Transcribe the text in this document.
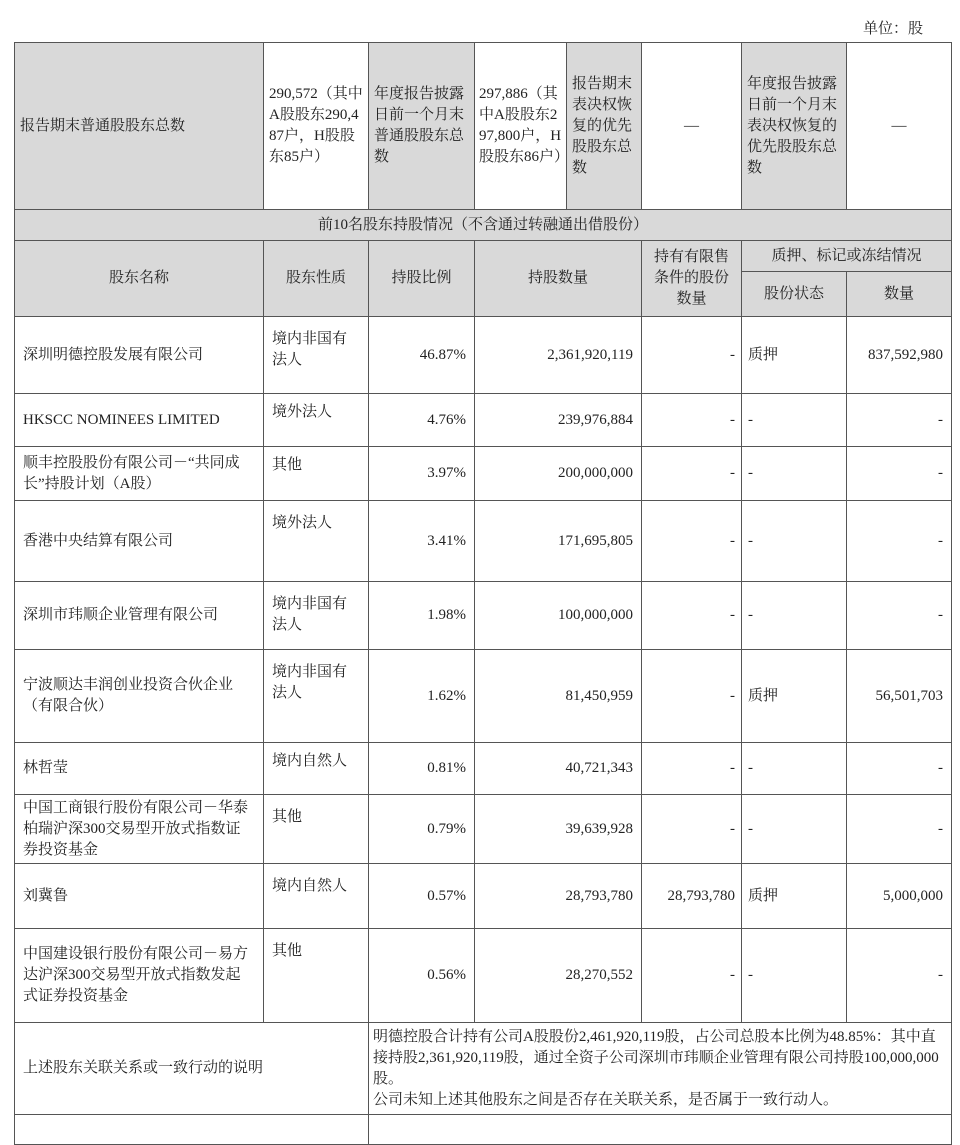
单位：股
报告期末普通股股东总数	290,572（其中A股股东290,487户，H股股东85户）	年度报告披露日前一个月末普通股股东总数	297,886（其中A股股东297,800户，H股股东86户）	报告期末表决权恢复的优先股股东总数	—	年度报告披露日前一个月末表决权恢复的优先股股东总数	—
前10名股东持股情况（不含通过转融通出借股份）							
股东名称	股东性质	持股比例	持股数量		持有有限售条件的股份数量	质押、标记或冻结情况	
						股份状态	数量
深圳明德控股发展有限公司	境内非国有法人	46.87%	2,361,920,119		-	质押	837,592,980
HKSCC NOMINEES LIMITED	境外法人	4.76%	239,976,884		-	-	-
顺丰控股股份有限公司－“共同成长”持股计划（A股）	其他	3.97%	200,000,000		-	-	-
香港中央结算有限公司	境外法人	3.41%	171,695,805		-	-	-
深圳市玮顺企业管理有限公司	境内非国有法人	1.98%	100,000,000		-	-	-
宁波顺达丰润创业投资合伙企业（有限合伙）	境内非国有法人	1.62%	81,450,959		-	质押	56,501,703
林哲莹	境内自然人	0.81%	40,721,343		-	-	-
中国工商银行股份有限公司－华泰柏瑞沪深300交易型开放式指数证券投资基金	其他	0.79%	39,639,928		-	-	-
刘冀鲁	境内自然人	0.57%	28,793,780		28,793,780	质押	5,000,000
中国建设银行股份有限公司－易方达沪深300交易型开放式指数发起式证券投资基金	其他	0.56%	28,270,552		-	-	-
上述股东关联关系或一致行动的说明		明德控股合计持有公司A股股份2,461,920,119股，占公司总股本比例为48.85%：其中直接持股2,361,920,119股，通过全资子公司深圳市玮顺企业管理有限公司持股100,000,000股。
公司未知上述其他股东之间是否存在关联关系，是否属于一致行动人。					
